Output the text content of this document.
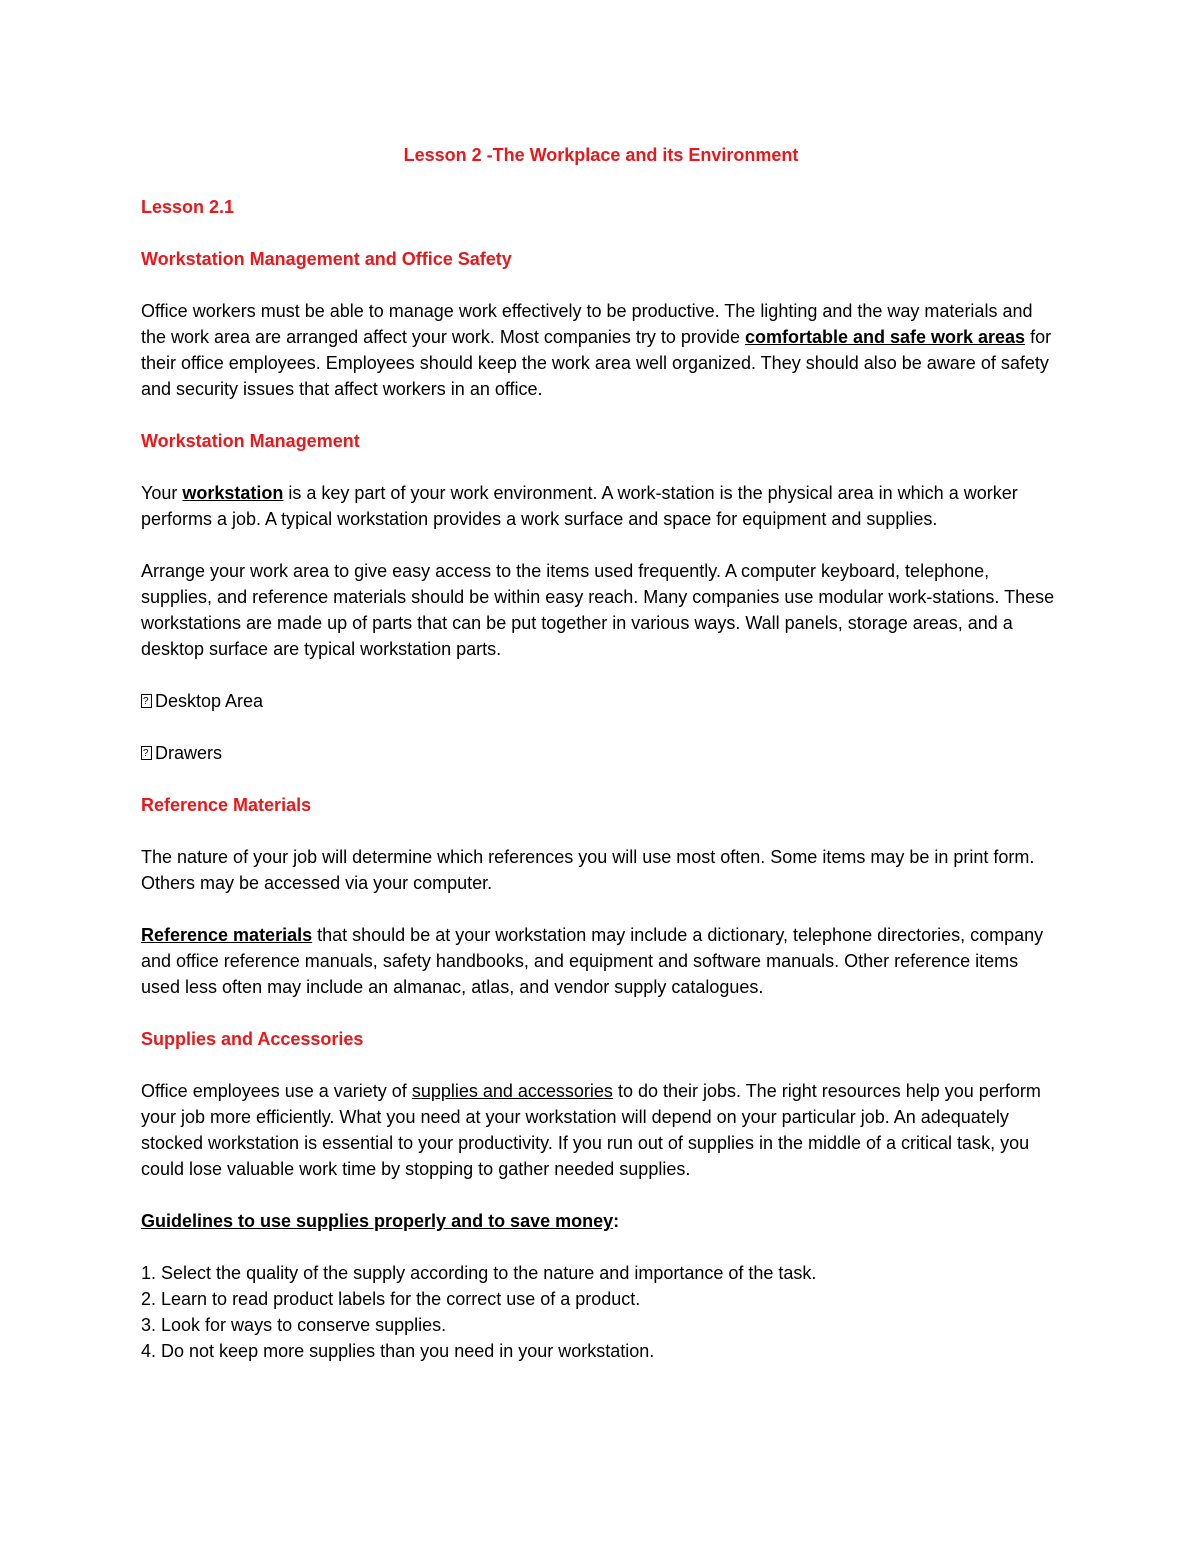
Lesson 2 -The Workplace and its Environment
Lesson 2.1
Workstation Management and Office Safety

Office workers must be able to manage work effectively to be productive. The lighting and the way materials and the work area are arranged affect your work. Most companies try to provide comfortable and safe work areas for their office employees. Employees should keep the work area well organized. They should also be aware of safety and security issues that affect workers in an office.

Workstation Management

Your workstation is a key part of your work environment. A work-station is the physical area in which a worker performs a job. A typical workstation provides a work surface and space for equipment and supplies.

Arrange your work area to give easy access to the items used frequently. A computer keyboard, telephone, supplies, and reference materials should be within easy reach. Many companies use modular work-stations. These workstations are made up of parts that can be put together in various ways. Wall panels, storage areas, and a desktop surface are typical workstation parts.

?Desktop Area

?Drawers

Reference Materials

The nature of your job will determine which references you will use most often. Some items may be in print form. Others may be accessed via your computer.

Reference materials that should be at your workstation may include a dictionary, telephone directories, company and office reference manuals, safety handbooks, and equipment and software manuals. Other reference items used less often may include an almanac, atlas, and vendor supply catalogues.

Supplies and Accessories

Office employees use a variety of supplies and accessories to do their jobs. The right resources help you perform your job more efficiently. What you need at your workstation will depend on your particular job. An adequately stocked workstation is essential to your productivity. If you run out of supplies in the middle of a critical task, you could lose valuable work time by stopping to gather needed supplies.

Guidelines to use supplies properly and to save money:

1. Select the quality of the supply according to the nature and importance of the task.
2. Learn to read product labels for the correct use of a product.
3. Look for ways to conserve supplies.
4. Do not keep more supplies than you need in your workstation.
